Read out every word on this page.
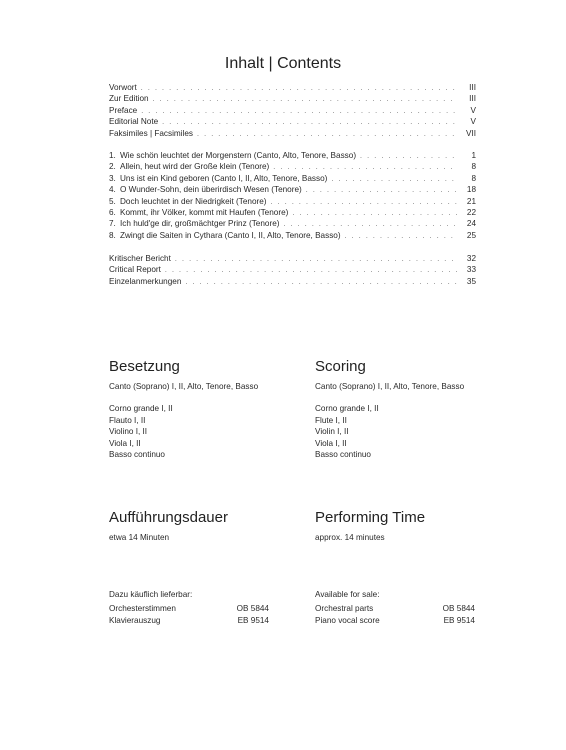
Inhalt | Contents
Vorwort . . .	III
Zur Edition . . .	III
Preface . . .	V
Editorial Note . . .	V
Faksimiles | Facsimiles . . .	VII
1. Wie schön leuchtet der Morgenstern (Canto, Alto, Tenore, Basso) . . .	1
2. Allein, heut wird der Große klein (Tenore) . . .	8
3. Uns ist ein Kind geboren (Canto I, II, Alto, Tenore, Basso) . . .	8
4. O Wunder-Sohn, dein überirdisch Wesen (Tenore) . . .	18
5. Doch leuchtet in der Niedrigkeit (Tenore) . . .	21
6. Kommt, ihr Völker, kommt mit Haufen (Tenore) . . .	22
7. Ich huld'ge dir, großmächtger Prinz (Tenore) . . .	24
8. Zwingt die Saiten in Cythara (Canto I, II, Alto, Tenore, Basso) . . .	25
Kritischer Bericht . . .	32
Critical Report . . .	33
Einzelanmerkungen . . .	35
Besetzung
Canto (Soprano) I, II, Alto, Tenore, Basso
Corno grande I, II
Flauto I, II
Violino I, II
Viola I, II
Basso continuo
Scoring
Canto (Soprano) I, II, Alto, Tenore, Basso
Corno grande I, II
Flute I, II
Violin I, II
Viola I, II
Basso continuo
Aufführungsdauer
etwa 14 Minuten
Performing Time
approx. 14 minutes
Dazu käuflich lieferbar:
Orchesterstimmen	OB 5844
Klavierauszug	EB 9514
Available for sale:
Orchestral parts	OB 5844
Piano vocal score	EB 9514
